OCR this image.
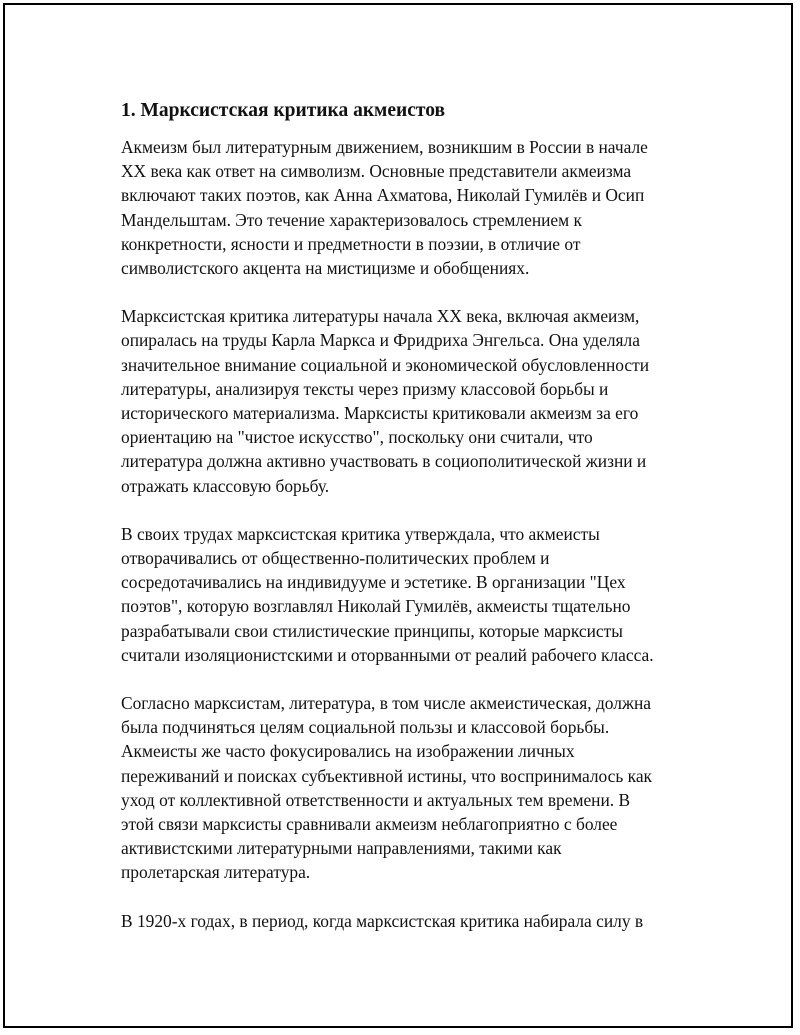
1. Марксистская критика акмеистов

Акмеизм был литературным движением, возникшим в России в начале
XX века как ответ на символизм. Основные представители акмеизма
включают таких поэтов, как Анна Ахматова, Николай Гумилёв и Осип
Мандельштам. Это течение характеризовалось стремлением к
конкретности, ясности и предметности в поэзии, в отличие от
символистского акцента на мистицизме и обобщениях.

Марксистская критика литературы начала XX века, включая акмеизм,
опиралась на труды Карла Маркса и Фридриха Энгельса. Она уделяла
значительное внимание социальной и экономической обусловленности
литературы, анализируя тексты через призму классовой борьбы и
исторического материализма. Марксисты критиковали акмеизм за его
ориентацию на "чистое искусство", поскольку они считали, что
литература должна активно участвовать в социополитической жизни и
отражать классовую борьбу.

В своих трудах марксистская критика утверждала, что акмеисты
отворачивались от общественно-политических проблем и
сосредотачивались на индивидууме и эстетике. В организации "Цех
поэтов", которую возглавлял Николай Гумилёв, акмеисты тщательно
разрабатывали свои стилистические принципы, которые марксисты
считали изоляционистскими и оторванными от реалий рабочего класса.

Согласно марксистам, литература, в том числе акмеистическая, должна
была подчиняться целям социальной пользы и классовой борьбы.
Акмеисты же часто фокусировались на изображении личных
переживаний и поисках субъективной истины, что воспринималось как
уход от коллективной ответственности и актуальных тем времени. В
этой связи марксисты сравнивали акмеизм неблагоприятно с более
активистскими литературными направлениями, такими как
пролетарская литература.

В 1920-х годах, в период, когда марксистская критика набирала силу в
